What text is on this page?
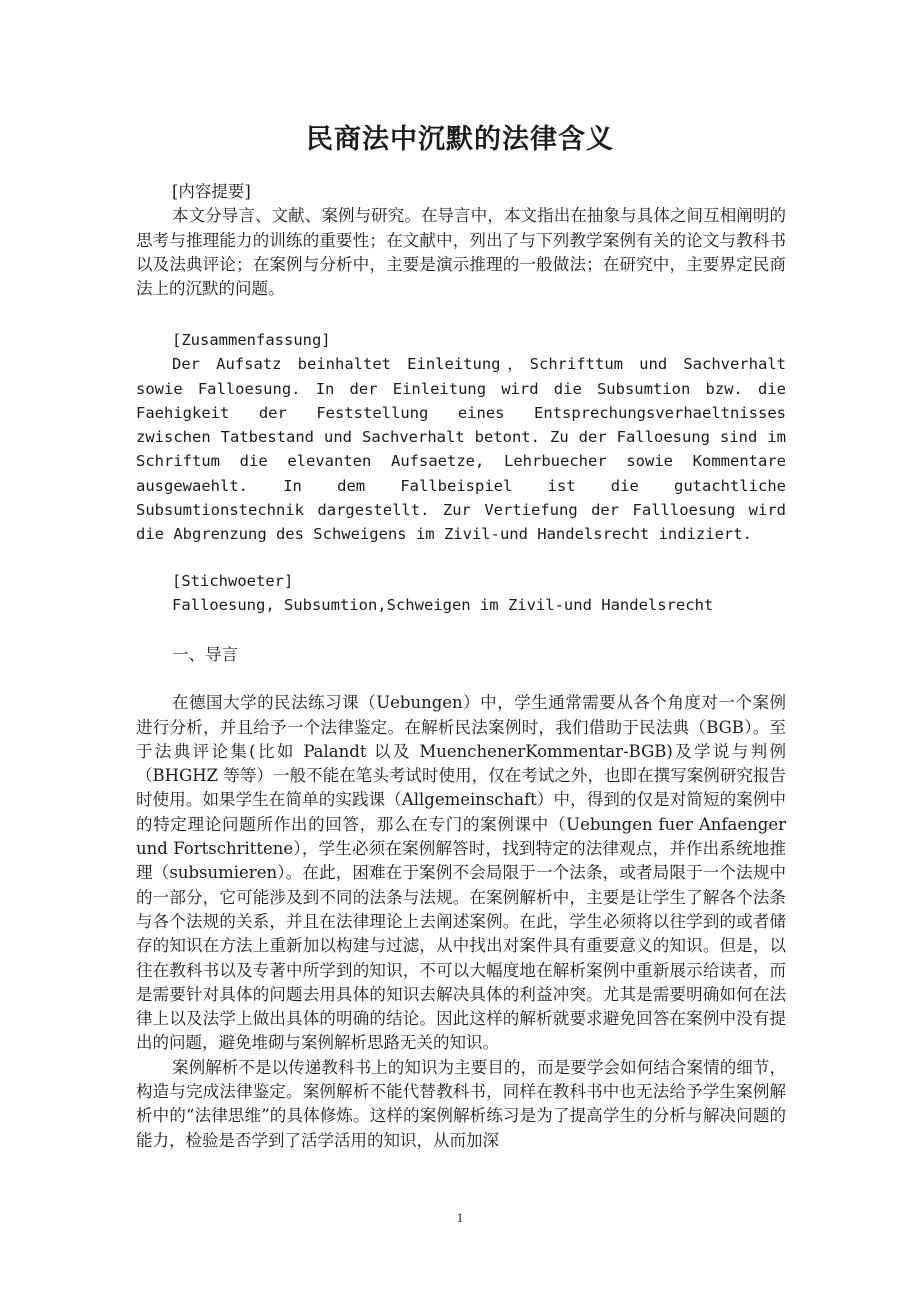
民商法中沉默的法律含义

[内容提要]

本文分导言、文献、案例与研究。在导言中，本文指出在抽象与具体之间互相阐明的思考与推理能力的训练的重要性；在文献中，列出了与下列教学案例有关的论文与教科书以及法典评论；在案例与分析中，主要是演示推理的一般做法；在研究中，主要界定民商法上的沉默的问题。

[Zusammenfassung]

Der Aufsatz beinhaltet Einleitung，Schrifttum und Sachverhalt sowie Falloesung. In der Einleitung wird die Subsumtion bzw. die Faehigkeit der Feststellung eines Entsprechungsverhaeltnisses zwischen Tatbestand und Sachverhalt betont. Zu der Falloesung sind im Schriftum die elevanten Aufsaetze, Lehrbuecher sowie Kommentare ausgewaehlt. In dem Fallbeispiel ist die gutachtliche Subsumtionstechnik dargestellt. Zur Vertiefung der Fallloesung wird die Abgrenzung des Schweigens im Zivil-und Handelsrecht indiziert.

[Stichwoeter]

Falloesung, Subsumtion,Schweigen im Zivil-und Handelsrecht

一、导言

在德国大学的民法练习课（Uebungen）中，学生通常需要从各个角度对一个案例进行分析，并且给予一个法律鉴定。在解析民法案例时，我们借助于民法典（BGB）。至于法典评论集(比如 Palandt 以及 MuenchenerKommentar-BGB)及学说与判例（BHGHZ 等等）一般不能在笔头考试时使用，仅在考试之外，也即在撰写案例研究报告时使用。如果学生在简单的实践课（Allgemeinschaft）中，得到的仅是对简短的案例中的特定理论问题所作出的回答，那么在专门的案例课中（Uebungen fuer Anfaenger und Fortschrittene），学生必须在案例解答时，找到特定的法律观点，并作出系统地推理（subsumieren）。在此，困难在于案例不会局限于一个法条，或者局限于一个法规中的一部分，它可能涉及到不同的法条与法规。在案例解析中，主要是让学生了解各个法条与各个法规的关系，并且在法律理论上去阐述案例。在此，学生必须将以往学到的或者储存的知识在方法上重新加以构建与过滤，从中找出对案件具有重要意义的知识。但是，以往在教科书以及专著中所学到的知识，不可以大幅度地在解析案例中重新展示给读者，而是需要针对具体的问题去用具体的知识去解决具体的利益冲突。尤其是需要明确如何在法律上以及法学上做出具体的明确的结论。因此这样的解析就要求避免回答在案例中没有提出的问题，避免堆砌与案例解析思路无关的知识。

案例解析不是以传递教科书上的知识为主要目的，而是要学会如何结合案情的细节，构造与完成法律鉴定。案例解析不能代替教科书，同样在教科书中也无法给予学生案例解析中的“法律思维”的具体修炼。这样的案例解析练习是为了提高学生的分析与解决问题的能力，检验是否学到了活学活用的知识，从而加深

1
